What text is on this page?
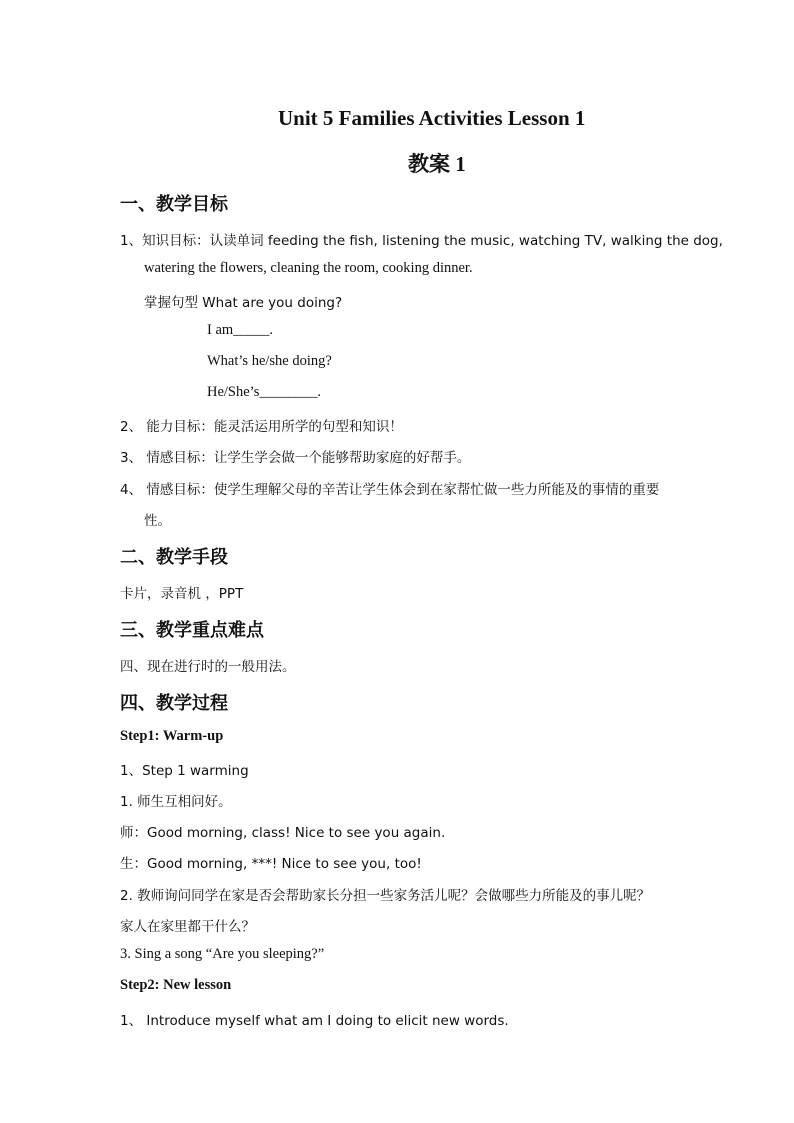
Unit 5 Families Activities Lesson 1
教案 1
一、教学目标
1、知识目标：认读单词 feeding the fish, listening the music, watching TV, walking the dog,
watering the flowers, cleaning the room, cooking dinner.
掌握句型 What are you doing?
I am_____.
What’s he/she doing?
He/She’s________.
2、 能力目标：能灵活运用所学的句型和知识！
3、 情感目标：让学生学会做一个能够帮助家庭的好帮手。
4、 情感目标：使学生理解父母的辛苦让学生体会到在家帮忙做一些力所能及的事情的重要
性。
二、教学手段
卡片，录音机 ，PPT
三、教学重点难点
四、现在进行时的一般用法。
四、教学过程
Step1: Warm-up
1、Step 1 warming
1. 师生互相问好。
师：Good morning, class! Nice to see you again.
生：Good morning, ***! Nice to see you, too!
2. 教师询问同学在家是否会帮助家长分担一些家务活儿呢？会做哪些力所能及的事儿呢？
家人在家里都干什么？
3. Sing a song “Are you sleeping?”
Step2: New lesson
1、 Introduce myself what am I doing to elicit new words.
